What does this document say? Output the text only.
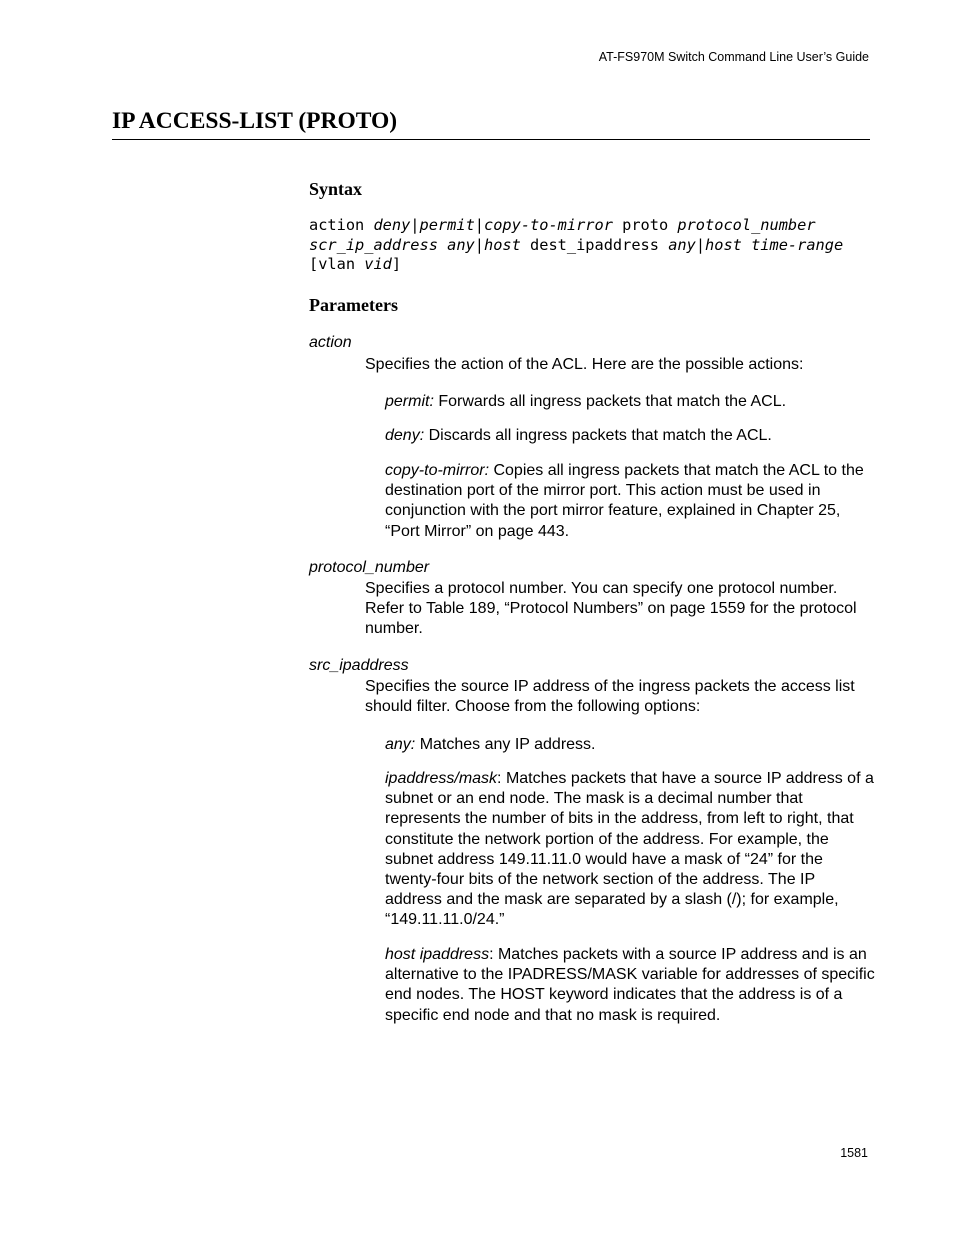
AT-FS970M Switch Command Line User’s Guide
IP ACCESS-LIST (PROTO)
Syntax
action deny|permit|copy-to-mirror proto protocol_number
scr_ip_address any|host dest_ipaddress any|host time-range
[vlan vid]
Parameters
action
Specifies the action of the ACL. Here are the possible actions:
permit: Forwards all ingress packets that match the ACL.
deny: Discards all ingress packets that match the ACL.
copy-to-mirror: Copies all ingress packets that match the ACL to the destination port of the mirror port. This action must be used in conjunction with the port mirror feature, explained in Chapter 25, “Port Mirror” on page 443.
protocol_number
Specifies a protocol number. You can specify one protocol number. Refer to Table 189, “Protocol Numbers” on page 1559 for the protocol number.
src_ipaddress
Specifies the source IP address of the ingress packets the access list should filter. Choose from the following options:
any: Matches any IP address.
ipaddress/mask: Matches packets that have a source IP address of a subnet or an end node. The mask is a decimal number that represents the number of bits in the address, from left to right, that constitute the network portion of the address. For example, the subnet address 149.11.11.0 would have a mask of “24” for the twenty-four bits of the network section of the address. The IP address and the mask are separated by a slash (/); for example, “149.11.11.0/24.”
host ipaddress: Matches packets with a source IP address and is an alternative to the IPADRESS/MASK variable for addresses of specific end nodes. The HOST keyword indicates that the address is of a specific end node and that no mask is required.
1581
